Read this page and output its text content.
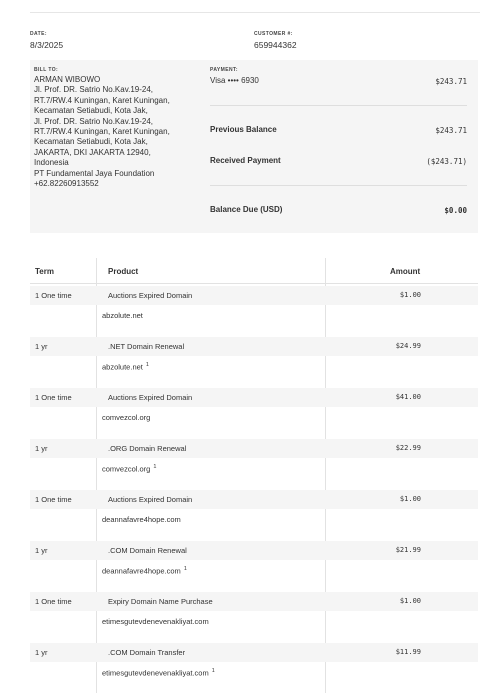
DATE:
8/3/2025
CUSTOMER #:
659944362
BILL TO:
ARMAN WIBOWO
Jl. Prof. DR. Satrio No.Kav.19-24,
RT.7/RW.4 Kuningan, Karet Kuningan,
Kecamatan Setiabudi, Kota Jak,
Jl. Prof. DR. Satrio No.Kav.19-24,
RT.7/RW.4 Kuningan, Karet Kuningan,
Kecamatan Setiabudi, Kota Jak,
JAKARTA, DKI JAKARTA 12940,
Indonesia
PT Fundamental Jaya Foundation
+62.82260913552
PAYMENT:
Visa •••• 6930	$243.71
Previous Balance	$243.71
Received Payment	($243.71)
Balance Due (USD)	$0.00
Term	Product	Amount
1 One time	Auctions Expired Domain	$1.00
abzolute.net
1 yr	.NET Domain Renewal	$24.99
abzolute.net $^1$
1 One time	Auctions Expired Domain	$41.00
comvezcol.org
1 yr	.ORG Domain Renewal	$22.99
comvezcol.org $^1$
1 One time	Auctions Expired Domain	$1.00
deannafavre4hope.com
1 yr	.COM Domain Renewal	$21.99
deannafavre4hope.com $^1$
1 One time	Expiry Domain Name Purchase	$1.00
etimesgutevdenevenakliyat.com
1 yr	.COM Domain Transfer	$11.99
etimesgutevdenevenakliyat.com $^1$
